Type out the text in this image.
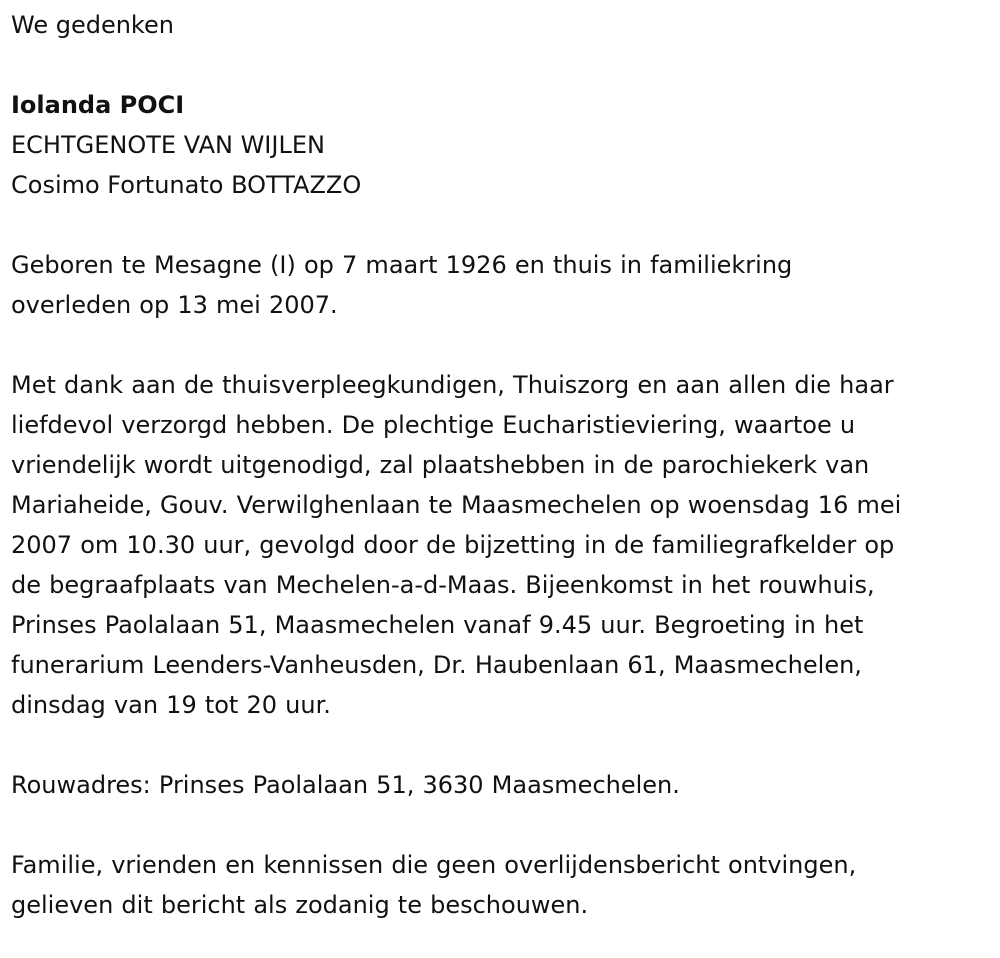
We gedenken

Iolanda POCI

ECHTGENOTE VAN WIJLEN

Cosimo Fortunato BOTTAZZO

Geboren te Mesagne (I) op 7 maart 1926 en thuis in familiekring
overleden op 13 mei 2007.

Met dank aan de thuisverpleegkundigen, Thuiszorg en aan allen die haar
liefdevol verzorgd hebben. De plechtige Eucharistieviering, waartoe u
vriendelijk wordt uitgenodigd, zal plaatshebben in de parochiekerk van
Mariaheide, Gouv. Verwilghenlaan te Maasmechelen op woensdag 16 mei
2007 om 10.30 uur, gevolgd door de bijzetting in de familiegrafkelder op
de begraafplaats van Mechelen-a-d-Maas. Bijeenkomst in het rouwhuis,
Prinses Paolalaan 51, Maasmechelen vanaf 9.45 uur. Begroeting in het
funerarium Leenders-Vanheusden, Dr. Haubenlaan 61, Maasmechelen,
dinsdag van 19 tot 20 uur.

Rouwadres: Prinses Paolalaan 51, 3630 Maasmechelen.

Familie, vrienden en kennissen die geen overlijdensbericht ontvingen,
gelieven dit bericht als zodanig te beschouwen.
